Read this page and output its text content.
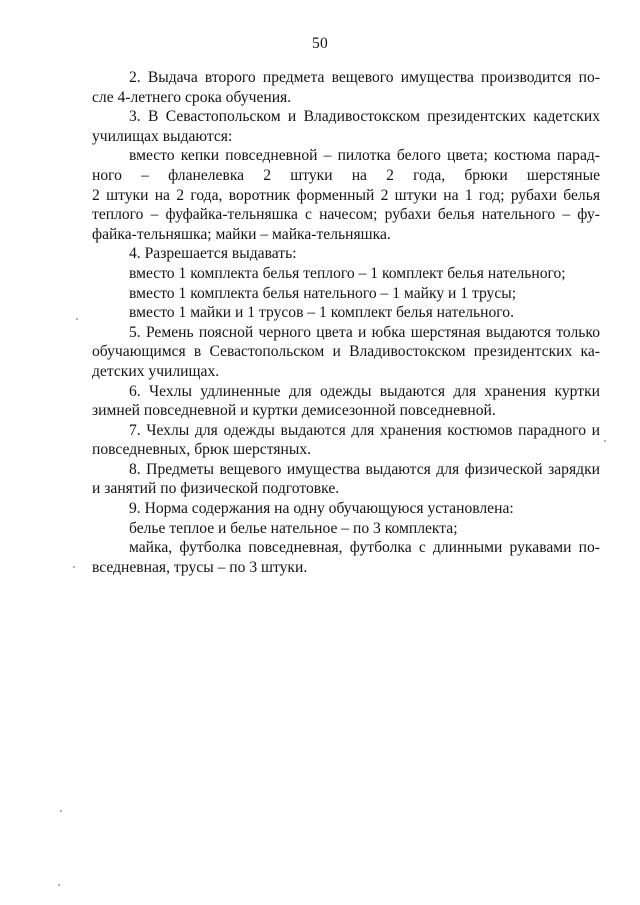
50
2. Выдача второго предмета вещевого имущества производится по-
сле 4-летнего срока обучения.
3. В Севастопольском и Владивостокском президентских кадетских
училищах выдаются:
вместо кепки повседневной – пилотка белого цвета; костюма парад-
ного – фланелевка 2 штуки на 2 года, брюки шерстяные
2 штуки на 2 года, воротник форменный 2 штуки на 1 год; рубахи белья
теплого – фуфайка-тельняшка с начесом; рубахи белья нательного – фу-
файка-тельняшка; майки – майка-тельняшка.
4. Разрешается выдавать:
вместо 1 комплекта белья теплого – 1 комплект белья нательного;
вместо 1 комплекта белья нательного – 1 майку и 1 трусы;
вместо 1 майки и 1 трусов – 1 комплект белья нательного.
5. Ремень поясной черного цвета и юбка шерстяная выдаются только
обучающимся в Севастопольском и Владивостокском президентских ка-
детских училищах.
6. Чехлы удлиненные для одежды выдаются для хранения куртки
зимней повседневной и куртки демисезонной повседневной.
7. Чехлы для одежды выдаются для хранения костюмов парадного и
повседневных, брюк шерстяных.
8. Предметы вещевого имущества выдаются для физической зарядки
и занятий по физической подготовке.
9. Норма содержания на одну обучающуюся установлена:
белье теплое и белье нательное – по 3 комплекта;
майка, футболка повседневная, футболка с длинными рукавами по-
вседневная, трусы – по 3 штуки.
